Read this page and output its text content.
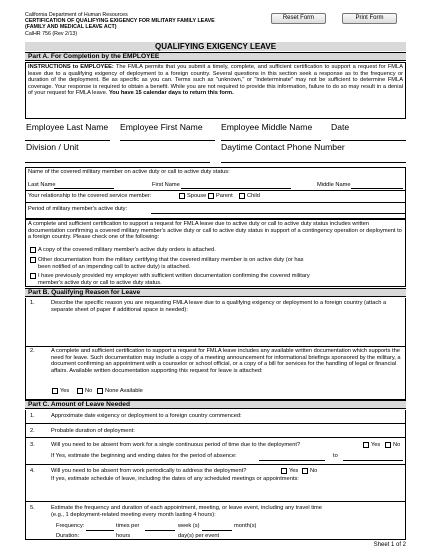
California Department of Human Resources
CERTIFICATION OF QUALIFYING EXIGENCY FOR MILITARY FAMILY LEAVE
(FAMILY AND MEDICAL LEAVE ACT)
CalHR 756 (Rev 2/13)
Reset Form	Print Form
QUALIFYING EXIGENCY LEAVE
Part A. For Completion by the EMPLOYEE
INSTRUCTIONS to EMPLOYEE: The FMLA permits that you submit a timely, complete, and sufficient certification to support a request for FMLA leave due to a qualifying exigency of deployment to a foreign country. Several questions in this section seek a response as to the frequency or duration of the deployment. Be as specific as you can. Terms such as "unknown," or "indeterminate" may not be sufficient to determine FMLA coverage. Your response is required to obtain a benefit. While you are not required to provide this information, failure to do so may result in a denial of your request for FMLA leave. You have 15 calendar days to return this form.
Employee Last Name Employee First Name Employee Middle Name Date
Division / Unit	Daytime Contact Phone Number
Name of the covered military member on active duty or call to active duty status:
Last Name	First Name	Middle Name
Your relationship to the covered service member:	Spouse Parent Child
Period of military member's active duty:
A complete and sufficient certification to support a request for FMLA leave due to active duty or call to active duty status includes written documentation confirming a covered military member's active duty or call to active duty status in support of a contingency operation or deployment to a foreign country. Please check one of the following:
A copy of the covered military member's active duty orders is attached.
Other documentation from the military certifying that the covered military member is on active duty (or has
been notified of an impending call to active duty) is attached.
I have previously provided my employer with sufficient written documentation confirming the covered military
member's active duty or call to active duty status.
Part B. Qualifying Reason for Leave
1.	Describe the specific reason you are requesting FMLA leave due to a qualifying exigency or deployment to a foreign country (attach a separate sheet of paper if additional space is needed):
2.	A complete and sufficient certification to support a request for FMLA leave includes any available written documentation which supports the need for leave. Such documentation may include a copy of a meeting announcement for informational briefings sponsored by the military, a document confirming an appointment with a counselor or school official, or a copy of a bill for services for the handling of legal or financial affairs. Available written documentation supporting this request for leave is attached:
Yes	No None Available
Part C. Amount of Leave Needed
1.	Approximate date exigency or deployment to a foreign country commenced:
2.	Probable duration of deployment:
3.	Will you need to be absent from work for a single continuous period of time due to the deployment?	Yes No
If Yes, estimate the beginning and ending dates for the period of absence:	to
4.	Will you need to be absent from work periodically to address the deployment?	Yes No
If yes, estimate schedule of leave, including the dates of any scheduled meetings or appointments:
5.	Estimate the frequency and duration of each appointment, meeting, or leave event, including any travel time
(e.g., 1 deployment-related meeting every month lasting 4 hours):
Frequency:	times per	week (s)	month(s)
Duration:	hours	day(s) per event
Sheet 1 of 2
